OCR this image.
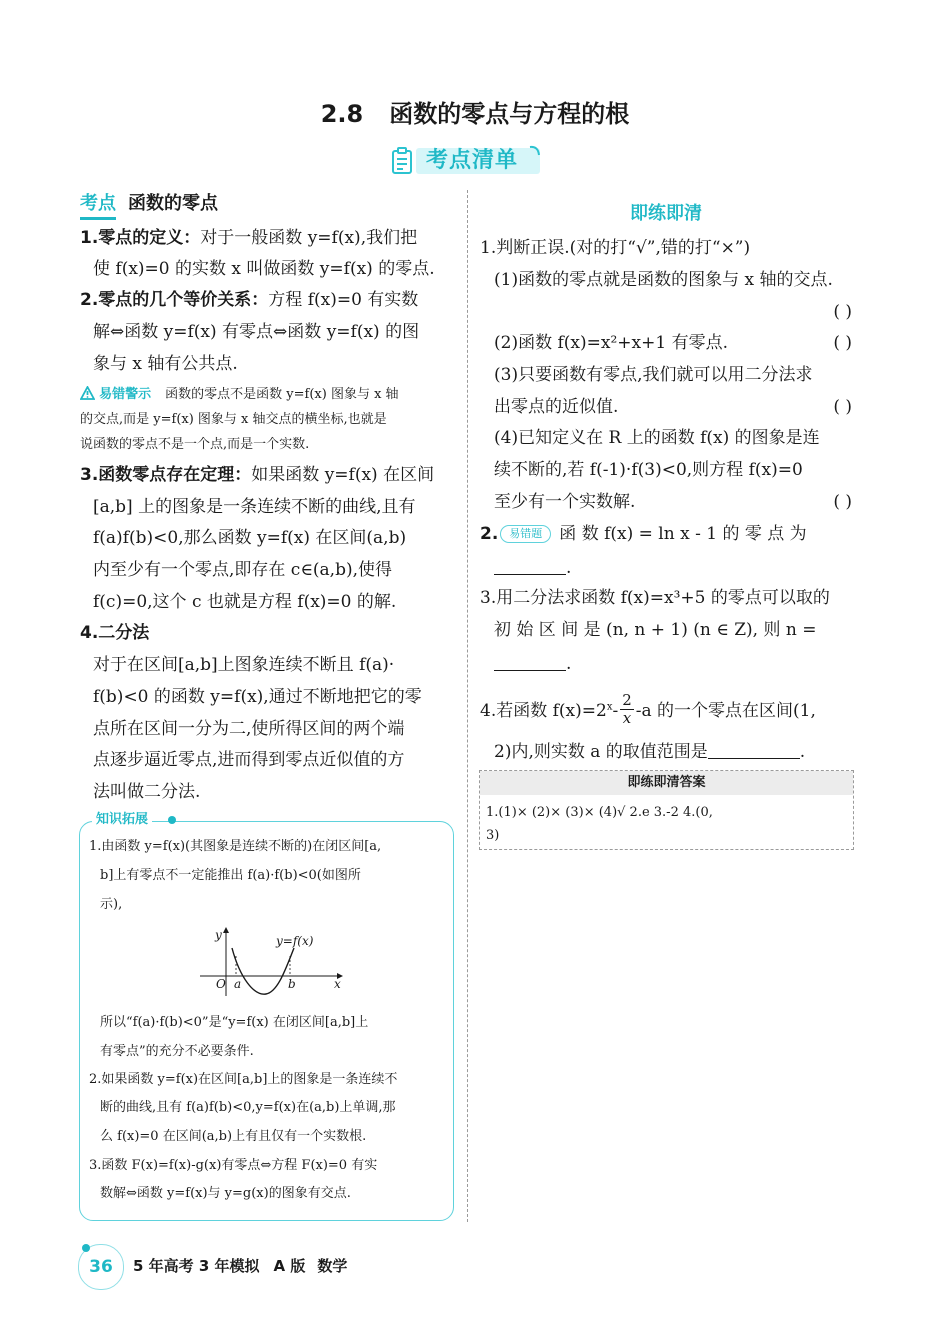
2.8 函数的零点与方程的根
考点清单
考点 函数的零点
1.零点的定义：对于一般函数 y=f(x),我们把
使 f(x)=0 的实数 x 叫做函数 y=f(x) 的零点.
2.零点的几个等价关系：方程 f(x)=0 有实数
解⇔函数 y=f(x) 有零点⇔函数 y=f(x) 的图
象与 x 轴有公共点.
易错警示 函数的零点不是函数 y=f(x) 图象与 x 轴
的交点,而是 y=f(x) 图象与 x 轴交点的横坐标,也就是
说函数的零点不是一个点,而是一个实数.
3.函数零点存在定理：如果函数 y=f(x) 在区间
[a,b] 上的图象是一条连续不断的曲线,且有
f(a)f(b)<0,那么函数 y=f(x) 在区间(a,b)
内至少有一个零点,即存在 c∈(a,b),使得
f(c)=0,这个 c 也就是方程 f(x)=0 的解.
4.二分法
对于在区间[a,b]上图象连续不断且 f(a)·
f(b)<0 的函数 y=f(x),通过不断地把它的零
点所在区间一分为二,使所得区间的两个端
点逐步逼近零点,进而得到零点近似值的方
法叫做二分法.
知识拓展
1.由函数 y=f(x)(其图象是连续不断的)在闭区间[a,
b]上有零点不一定能推出 f(a)·f(b)<0(如图所
示),
y	y=f(x)
O a	b	x
所以“f(a)·f(b)<0”是“y=f(x) 在闭区间[a,b]上
有零点”的充分不必要条件.
2.如果函数 y=f(x)在区间[a,b]上的图象是一条连续不
断的曲线,且有 f(a)f(b)<0,y=f(x)在(a,b)上单调,那
么 f(x)=0 在区间(a,b)上有且仅有一个实数根.
3.函数 F(x)=f(x)-g(x)有零点⇔方程 F(x)=0 有实
数解⇔函数 y=f(x)与 y=g(x)的图象有交点.
即练即清
1.判断正误.(对的打“√”,错的打“×”)
(1)函数的零点就是函数的图象与 x 轴的交点.
( )
(2)函数 f(x)=x²+x+1 有零点.	( )
(3)只要函数有零点,我们就可以用二分法求
出零点的近似值.	( )
(4)已知定义在 R 上的函数 f(x) 的图象是连
续不断的,若 f(-1)·f(3)<0,则方程 f(x)=0
至少有一个实数解.	( )
2. 易错题 函 数 f(x) = ln x - 1 的 零 点 为
.
3.用二分法求函数 f(x)=x³+5 的零点可以取的
初 始 区 间 是 (n, n + 1) (n ∈ Z), 则 n =
.
4.若函数 $f(x)=2^x- \frac{2}{x} -a$ 的一个零点在区间(1,
2)内,则实数 a 的取值范围是	.
即练即清答案
1.(1)× (2)× (3)× (4)√ 2.e 3.-2 4.(0,
3)
36	5 年高考 3 年模拟 A 版 数学
